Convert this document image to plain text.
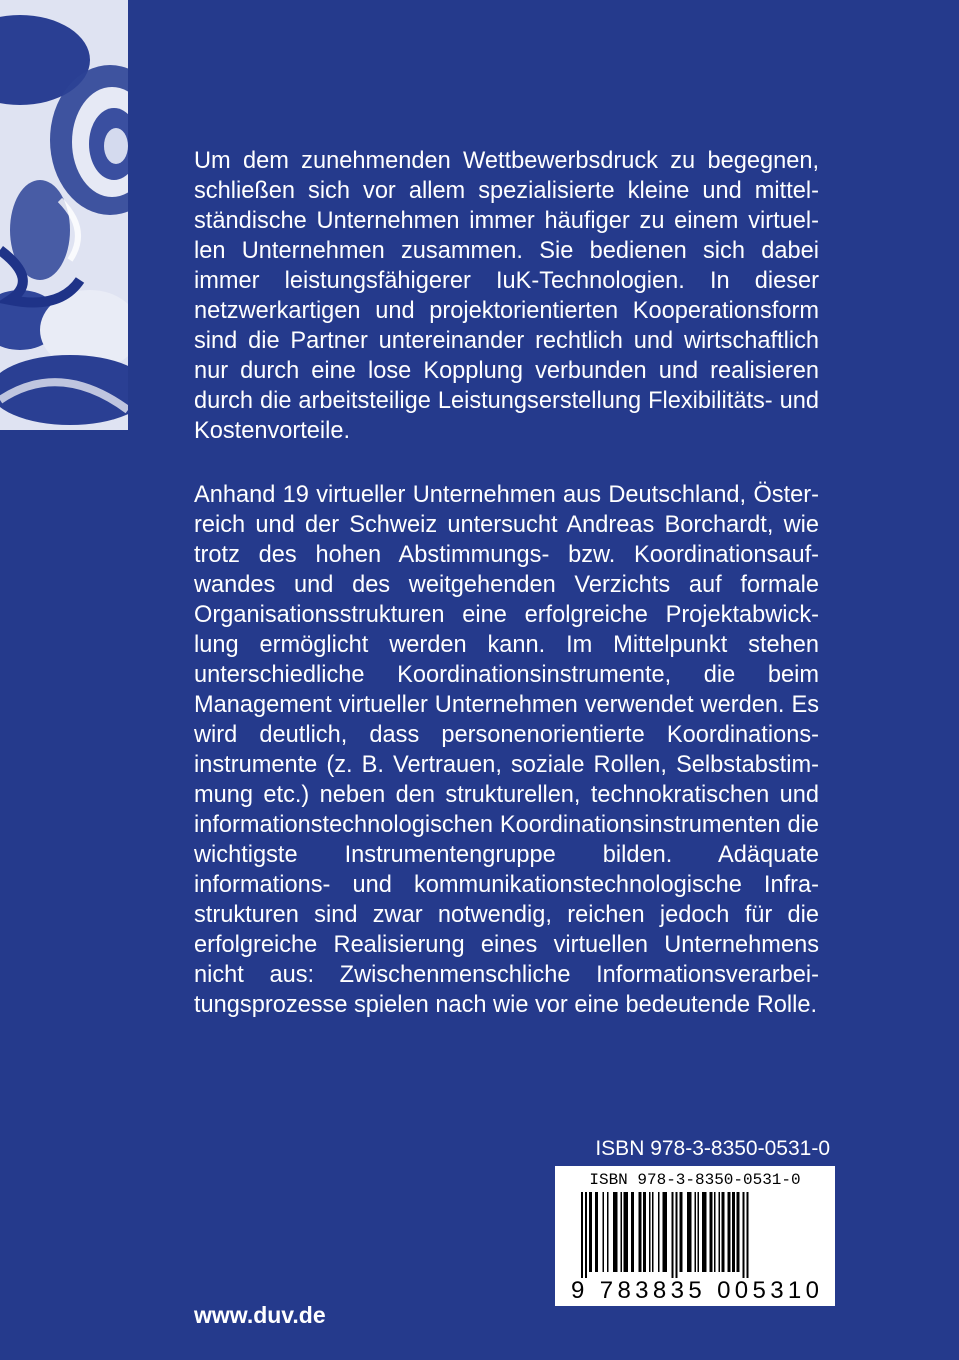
Um dem zunehmenden Wettbewerbsdruck zu begegnen, schließen sich vor allem spezialisierte kleine und mittelständische Unternehmen immer häufiger zu einem virtuellen Unternehmen zusammen. Sie bedienen sich dabei immer leistungsfähigerer IuK-Technologien. In dieser netzwerkartigen und projektorientierten Kooperationsform sind die Partner untereinander rechtlich und wirtschaftlich nur durch eine lose Kopplung verbunden und realisieren durch die arbeitsteilige Leistungserstellung Flexibilitäts- und Kostenvorteile.

Anhand 19 virtueller Unternehmen aus Deutschland, Österreich und der Schweiz untersucht Andreas Borchardt, wie trotz des hohen Abstimmungs- bzw. Koordinationsaufwandes und des weitgehenden Verzichts auf formale Organisationsstrukturen eine erfolgreiche Projektabwicklung ermöglicht werden kann. Im Mittelpunkt stehen unterschiedliche Koordinationsinstrumente, die beim Management virtueller Unternehmen verwendet werden. Es wird deutlich, dass personenorientierte Koordinationsinstrumente (z. B. Vertrauen, soziale Rollen, Selbstabstimmung etc.) neben den strukturellen, technokratischen und informationstechnologischen Koordinationsinstrumenten die wichtigste Instrumentengruppe bilden. Adäquate informations- und kommunikationstechnologische Infrastrukturen sind zwar notwendig, reichen jedoch für die erfolgreiche Realisierung eines virtuellen Unternehmens nicht aus: Zwischenmenschliche Informationsverarbeitungsprozesse spielen nach wie vor eine bedeutende Rolle.

ISBN 978-3-8350-0531-0
ISBN 978-3-8350-0531-0
9 783835 005310
www.duv.de
